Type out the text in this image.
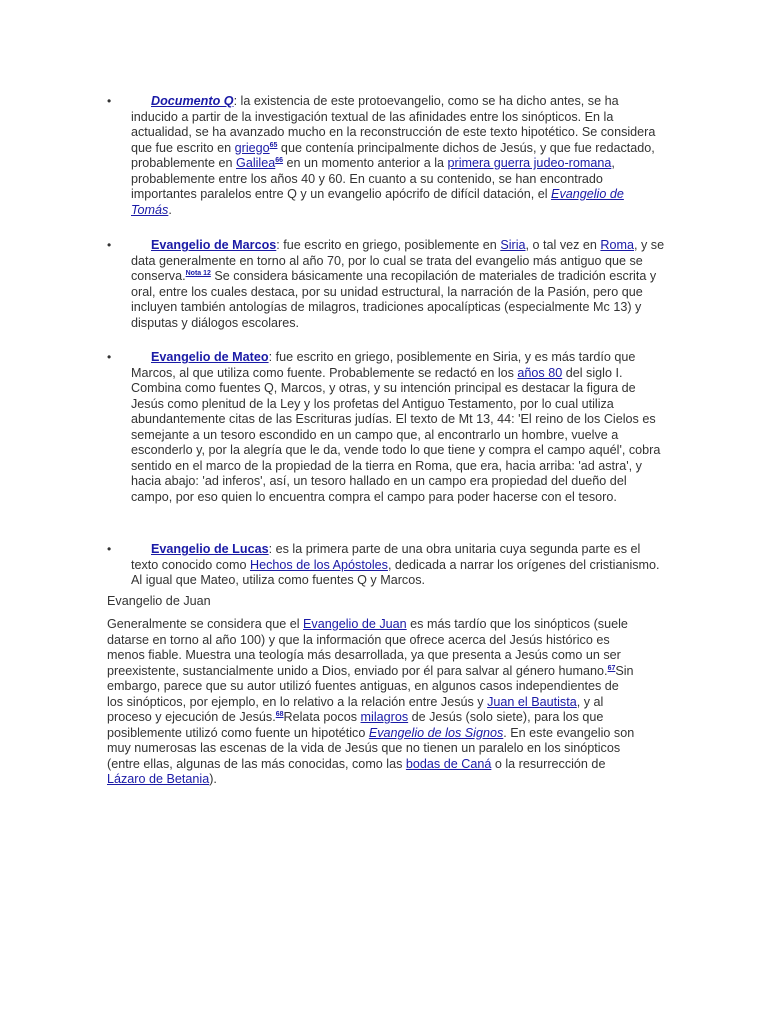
•	Documento Q: la existencia de este protoevangelio, como se ha dicho antes, se ha inducido a partir de la investigación textual de las afinidades entre los sinópticos. En la actualidad, se ha avanzado mucho en la reconstrucción de este texto hipotético. Se considera que fue escrito en griego$^{65}$ que contenía principalmente dichos de Jesús, y que fue redactado, probablemente en Galilea$^{66}$ en un momento anterior a la primera guerra judeo-romana, probablemente entre los años 40 y 60. En cuanto a su contenido, se han encontrado importantes paralelos entre Q y un evangelio apócrifo de difícil datación, el Evangelio de Tomás.
•	Evangelio de Marcos: fue escrito en griego, posiblemente en Siria, o tal vez en Roma, y se data generalmente en torno al año 70, por lo cual se trata del evangelio más antiguo que se conserva.$^{Nota 12}$ Se considera básicamente una recopilación de materiales de tradición escrita y oral, entre los cuales destaca, por su unidad estructural, la narración de la Pasión, pero que incluyen también antologías de milagros, tradiciones apocalípticas (especialmente Mc 13) y disputas y diálogos escolares.
•	Evangelio de Mateo: fue escrito en griego, posiblemente en Siria, y es más tardío que Marcos, al que utiliza como fuente. Probablemente se redactó en los años 80 del siglo I. Combina como fuentes Q, Marcos, y otras, y su intención principal es destacar la figura de Jesús como plenitud de la Ley y los profetas del Antiguo Testamento, por lo cual utiliza abundantemente citas de las Escrituras judías. El texto de Mt 13, 44: 'El reino de los Cielos es semejante a un tesoro escondido en un campo que, al encontrarlo un hombre, vuelve a esconderlo y, por la alegría que le da, vende todo lo que tiene y compra el campo aquél', cobra sentido en el marco de la propiedad de la tierra en Roma, que era, hacia arriba: 'ad astra', y hacia abajo: 'ad inferos', así, un tesoro hallado en un campo era propiedad del dueño del campo, por eso quien lo encuentra compra el campo para poder hacerse con el tesoro.
•	Evangelio de Lucas: es la primera parte de una obra unitaria cuya segunda parte es el texto conocido como Hechos de los Apóstoles, dedicada a narrar los orígenes del cristianismo. Al igual que Mateo, utiliza como fuentes Q y Marcos.
Evangelio de Juan
Generalmente se considera que el Evangelio de Juan es más tardío que los sinópticos (suele datarse en torno al año 100) y que la información que ofrece acerca del Jesús histórico es menos fiable. Muestra una teología más desarrollada, ya que presenta a Jesús como un ser preexistente, sustancialmente unido a Dios, enviado por él para salvar al género humano.$^{67}$Sin embargo, parece que su autor utilizó fuentes antiguas, en algunos casos independientes de los sinópticos, por ejemplo, en lo relativo a la relación entre Jesús y Juan el Bautista, y al proceso y ejecución de Jesús.$^{68}$Relata pocos milagros de Jesús (solo siete), para los que posiblemente utilizó como fuente un hipotético Evangelio de los Signos. En este evangelio son muy numerosas las escenas de la vida de Jesús que no tienen un paralelo en los sinópticos (entre ellas, algunas de las más conocidas, como las bodas de Caná o la resurrección de Lázaro de Betania).
